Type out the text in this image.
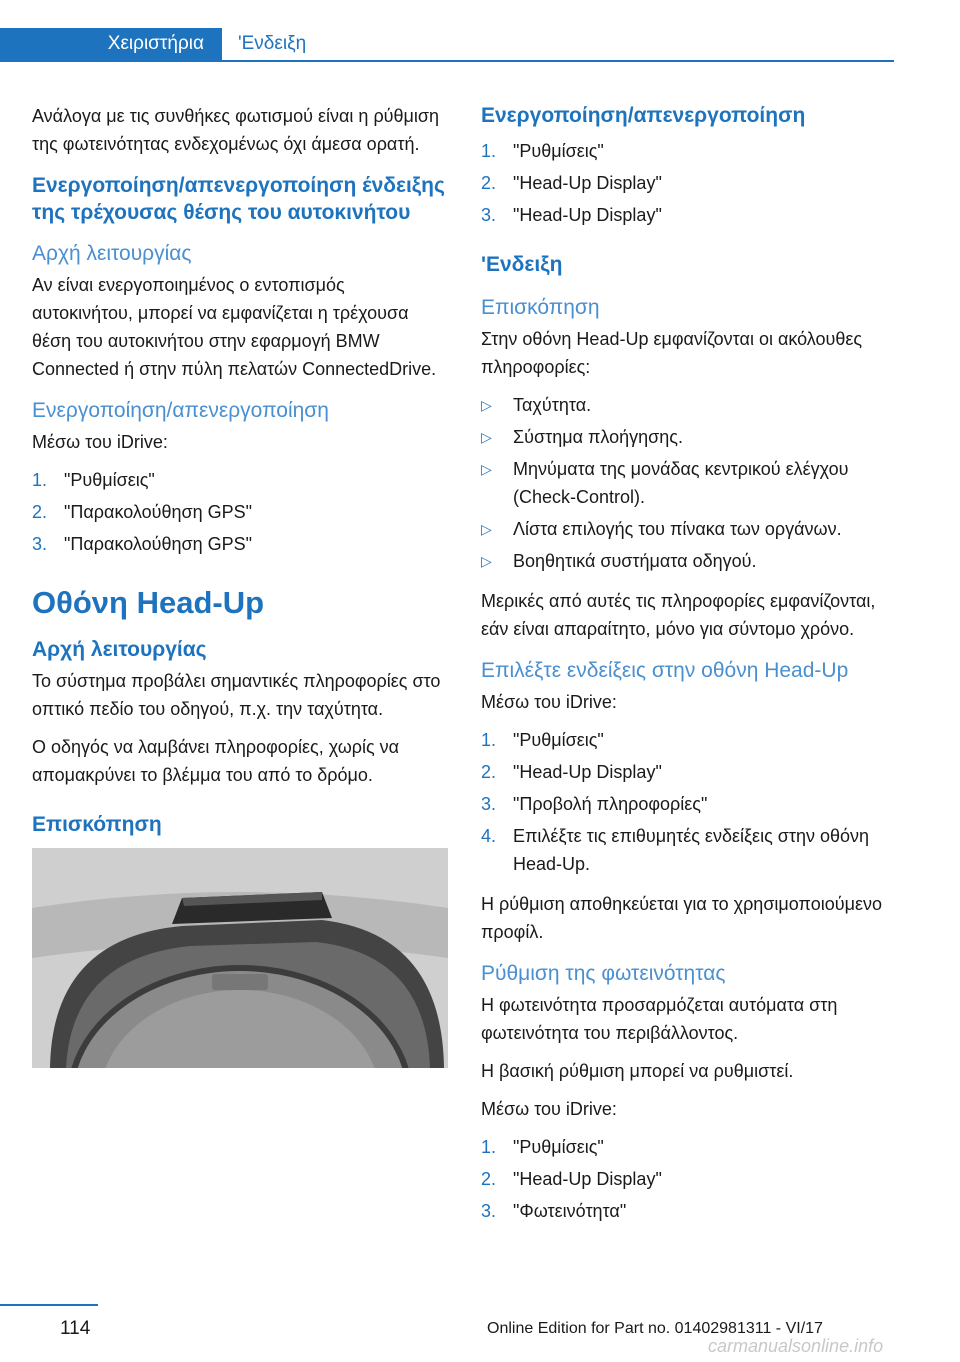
Χειριστήρια 'Ενδειξη

Ανάλογα με τις συνθήκες φωτισμού είναι η ρύθμιση της φωτεινότητας ενδεχομένως όχι άμεσα ορατή.

Ενεργοποίηση/απενεργοποίηση ένδειξης της τρέχουσας θέσης του αυτοκινήτου
Αρχή λειτουργίας

Αν είναι ενεργοποιημένος ο εντοπισμός αυτοκινήτου, μπορεί να εμφανίζεται η τρέχουσα θέση του αυτοκινήτου στην εφαρμογή BMW Connected ή στην πύλη πελατών ConnectedDrive.

Ενεργοποίηση/απενεργοποίηση

Μέσω του iDrive:

1. "Ρυθμίσεις"
2. "Παρακολούθηση GPS"
3. "Παρακολούθηση GPS"
Οθόνη Head-Up
Αρχή λειτουργίας

Το σύστημα προβάλει σημαντικές πληροφορίες στο οπτικό πεδίο του οδηγού, π.χ. την ταχύτητα.

Ο οδηγός να λαμβάνει πληροφορίες, χωρίς να απομακρύνει το βλέμμα του από το δρόμο.

Επισκόπηση
Ενεργοποίηση/απενεργοποίηση
1. "Ρυθμίσεις"
2. "Head-Up Display"
3. "Head-Up Display"
'Ενδειξη
Επισκόπηση

Στην οθόνη Head-Up εμφανίζονται οι ακόλουθες πληροφορίες:

▷	Ταχύτητα.
▷	Σύστημα πλοήγησης.
▷	Μηνύματα της μονάδας κεντρικού ελέγχου (Check-Control).
▷	Λίστα επιλογής του πίνακα των οργάνων.
▷	Βοηθητικά συστήματα οδηγού.

Μερικές από αυτές τις πληροφορίες εμφανίζονται, εάν είναι απαραίτητο, μόνο για σύντομο χρόνο.

Επιλέξτε ενδείξεις στην οθόνη Head-Up

Μέσω του iDrive:

1. "Ρυθμίσεις"
2. "Head-Up Display"
3. "Προβολή πληροφορίες"
4. Επιλέξτε τις επιθυμητές ενδείξεις στην οθόνη Head-Up.

Η ρύθμιση αποθηκεύεται για το χρησιμοποιούμενο προφίλ.

Ρύθμιση της φωτεινότητας

Η φωτεινότητα προσαρμόζεται αυτόματα στη φωτεινότητα του περιβάλλοντος.

Η βασική ρύθμιση μπορεί να ρυθμιστεί.

Μέσω του iDrive:

1. "Ρυθμίσεις"
2. "Head-Up Display"
3. "Φωτεινότητα"
114	Online Edition for Part no. 01402981311 - VI/17
carmanualsonline.info
